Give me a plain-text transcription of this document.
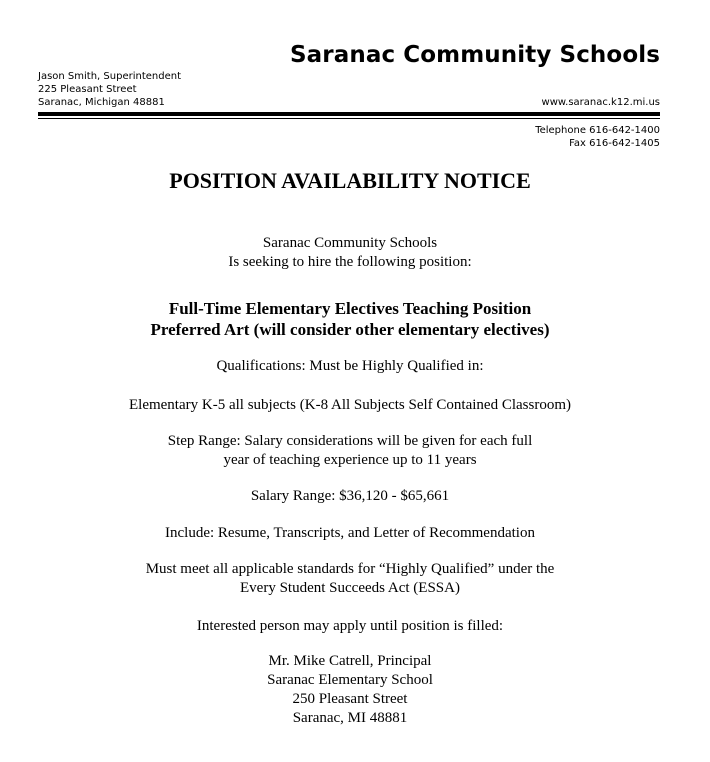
Saranac Community Schools
Jason Smith, Superintendent
225 Pleasant Street
Saranac, Michigan 48881	www.saranac.k12.mi.us
Telephone 616-642-1400
Fax 616-642-1405
POSITION AVAILABILITY NOTICE
Saranac Community Schools
Is seeking to hire the following position:
Full-Time Elementary Electives Teaching Position
Preferred Art (will consider other elementary electives)
Qualifications: Must be Highly Qualified in:
Elementary K-5 all subjects (K-8 All Subjects Self Contained Classroom)
Step Range: Salary considerations will be given for each full
year of teaching experience up to 11 years
Salary Range: $36,120 - $65,661
Include: Resume, Transcripts, and Letter of Recommendation
Must meet all applicable standards for “Highly Qualified” under the
Every Student Succeeds Act (ESSA)
Interested person may apply until position is filled:
Mr. Mike Catrell, Principal
Saranac Elementary School
250 Pleasant Street
Saranac, MI 48881
